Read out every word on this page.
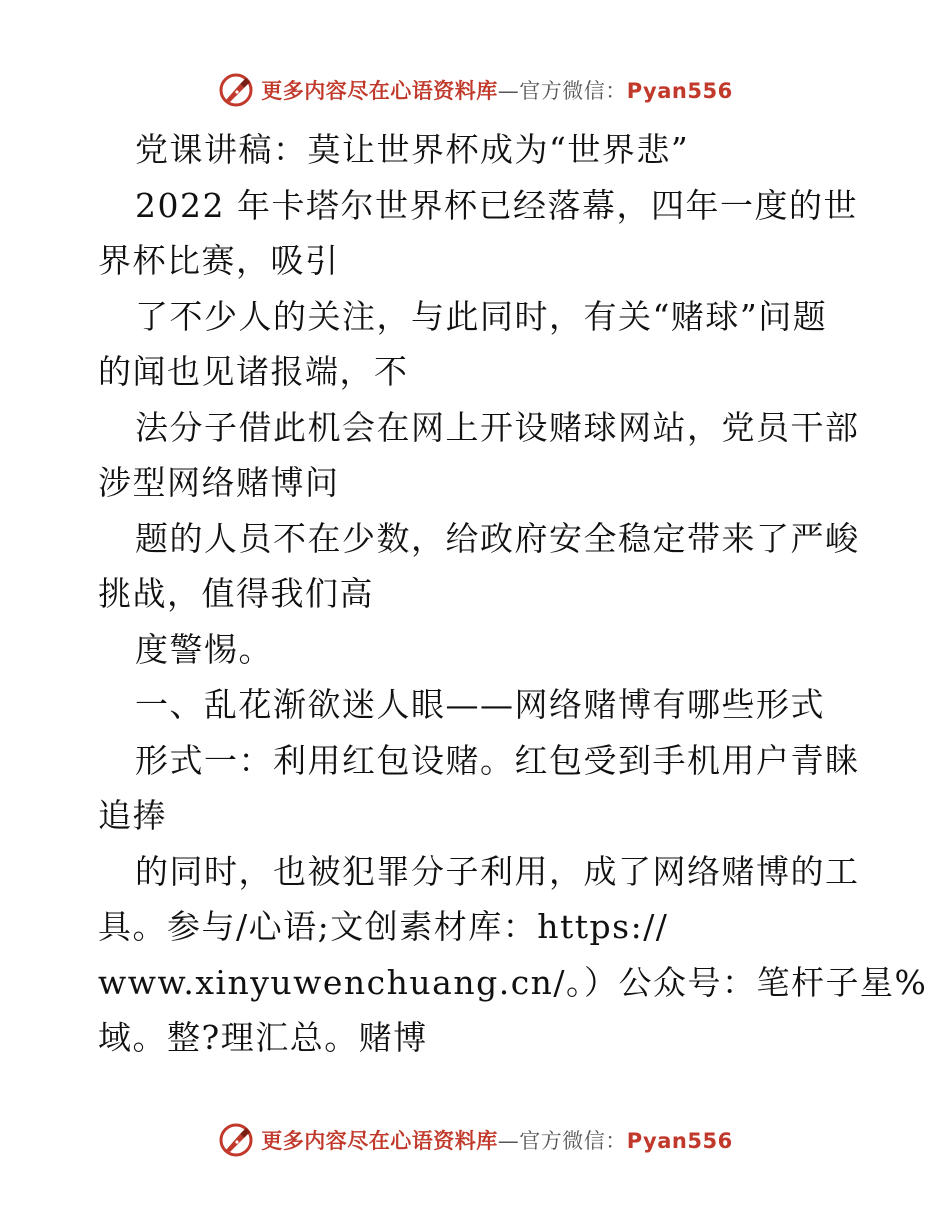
更多内容尽在心语资料库—官方微信：Pyan556
党课讲稿：莫让世界杯成为“世界悲”
2022 年卡塔尔世界杯已经落幕，四年一度的世
界杯比赛，吸引
了不少人的关注，与此同时，有关“赌球”问题
的闻也见诸报端，不
法分子借此机会在网上开设赌球网站，党员干部
涉型网络赌博问
题的人员不在少数，给政府安全稳定带来了严峻
挑战，值得我们高
度警惕。
一、乱花渐欲迷人眼——网络赌博有哪些形式
形式一：利用红包设赌。红包受到手机用户青睐
追捧
的同时，也被犯罪分子利用，成了网络赌博的工
具。参与/心语;文创素材库：https://
www.xinyuwenchuang.cn/。）公众号：笔杆子星%
域。整?理汇总。赌博
更多内容尽在心语资料库—官方微信：Pyan556
